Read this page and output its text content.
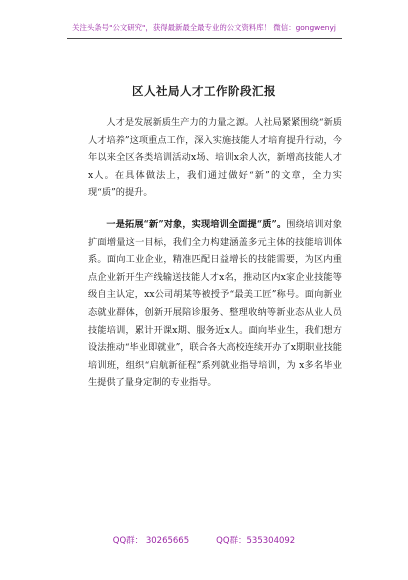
关注头条号"公文研究"，获得最新最全最专业的公文资料库！ 微信：gongwenyj
区人社局人才工作阶段汇报

人才是发展新质生产力的力量之源。人社局紧紧围绕“新质人才培养”这项重点工作，深入实施技能人才培育提升行动，今年以来全区各类培训活动x场、培训x余人次，新增高技能人才x人。在具体做法上，我们通过做好“新”的文章，全力实现“质”的提升。

一是拓展“新”对象，实现培训全面提“质”。围绕培训对象扩面增量这一目标，我们全力构建涵盖多元主体的技能培训体系。面向工业企业，精准匹配日益增长的技能需要，为区内重点企业新开生产线输送技能人才x名，推动区内x家企业技能等级自主认定，xx公司胡某等被授予“最美工匠”称号。面向新业态就业群体，创新开展陪诊服务、整理收纳等新业态从业人员技能培训，累计开课x期、服务近x人。面向毕业生，我们想方设法推动“毕业即就业”，联合各大高校连续开办了x期职业技能培训班，组织“启航新征程”系列就业指导培训，为 x多名毕业生提供了量身定制的专业指导。

QQ群： 30265665          QQ群：535304092
